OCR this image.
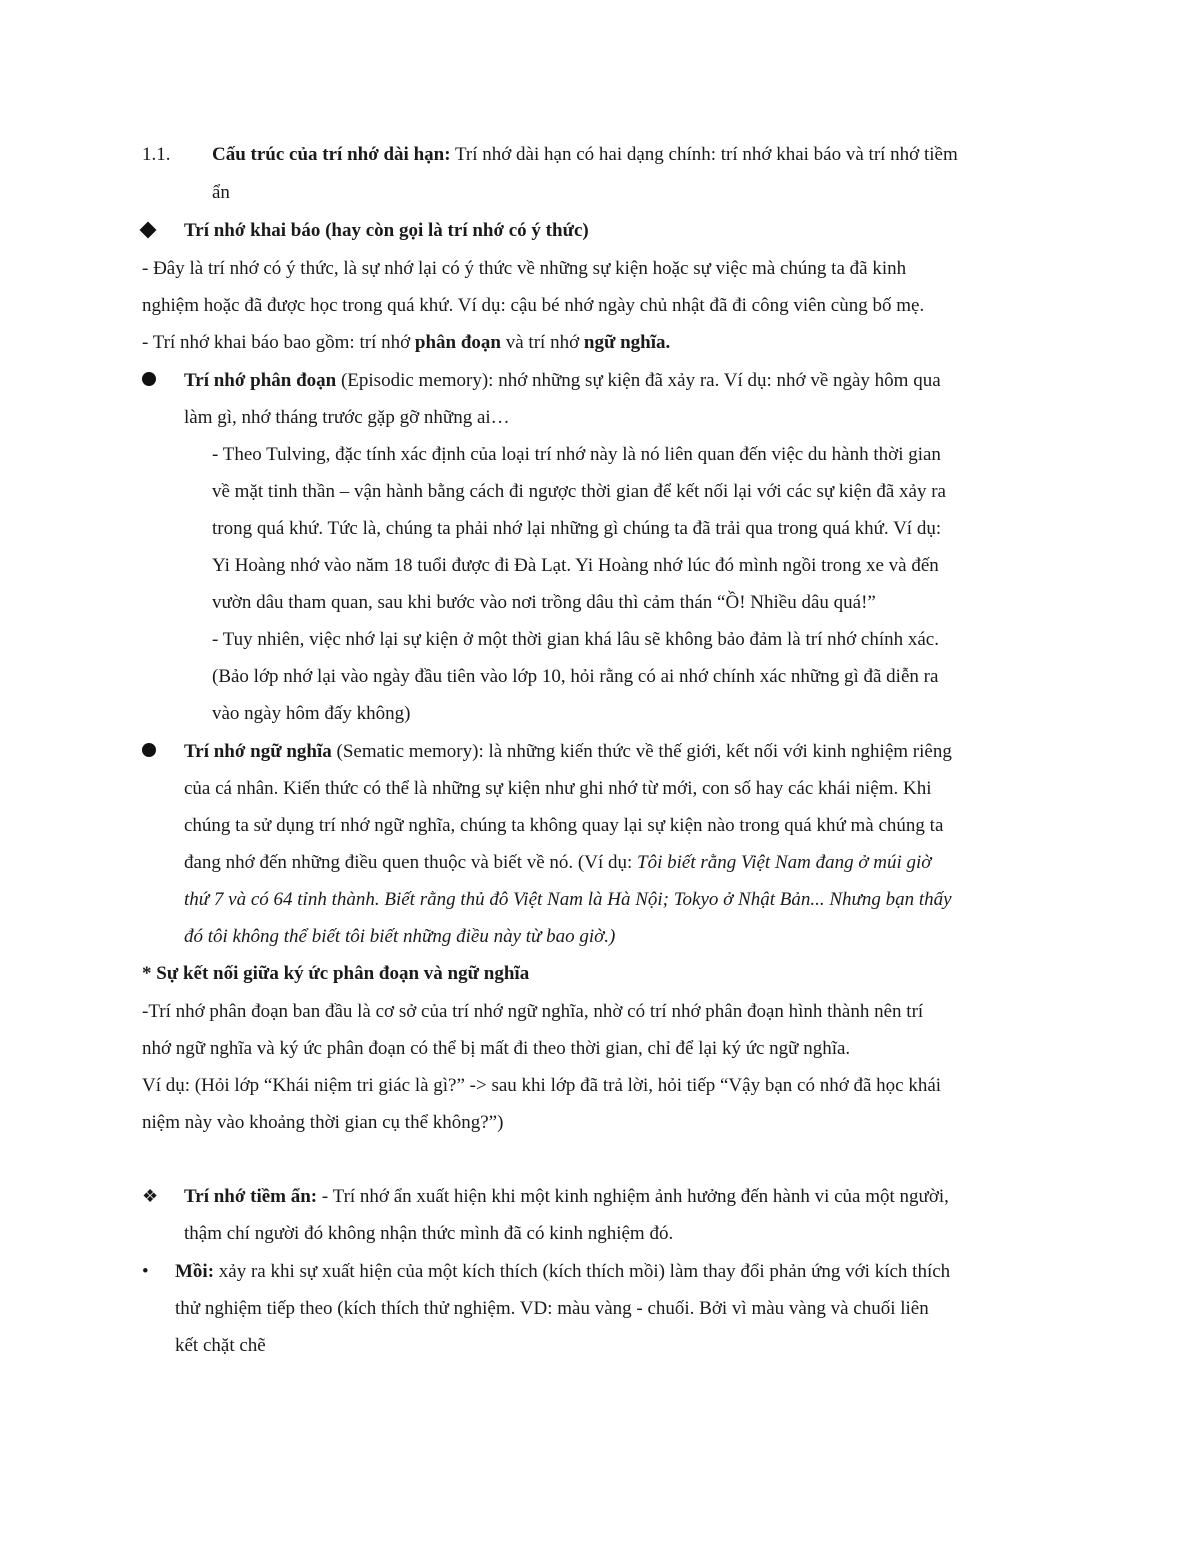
1.1. Cấu trúc của trí nhớ dài hạn: Trí nhớ dài hạn có hai dạng chính: trí nhớ khai báo và trí nhớ tiềm
ẩn
Trí nhớ khai báo (hay còn gọi là trí nhớ có ý thức)
- Đây là trí nhớ có ý thức, là sự nhớ lại có ý thức về những sự kiện hoặc sự việc mà chúng ta đã kinh
nghiệm hoặc đã được học trong quá khứ. Ví dụ: cậu bé nhớ ngày chủ nhật đã đi công viên cùng bố mẹ.
- Trí nhớ khai báo bao gồm: trí nhớ phân đoạn và trí nhớ ngữ nghĩa.
Trí nhớ phân đoạn (Episodic memory): nhớ những sự kiện đã xảy ra. Ví dụ: nhớ về ngày hôm qua
làm gì, nhớ tháng trước gặp gỡ những ai…
- Theo Tulving, đặc tính xác định của loại trí nhớ này là nó liên quan đến việc du hành thời gian
về mặt tinh thần – vận hành bằng cách đi ngược thời gian để kết nối lại với các sự kiện đã xảy ra
trong quá khứ. Tức là, chúng ta phải nhớ lại những gì chúng ta đã trải qua trong quá khứ. Ví dụ:
Yi Hoàng nhớ vào năm 18 tuổi được đi Đà Lạt. Yi Hoàng nhớ lúc đó mình ngồi trong xe và đến
vườn dâu tham quan, sau khi bước vào nơi trồng dâu thì cảm thán “Ồ! Nhiều dâu quá!”
- Tuy nhiên, việc nhớ lại sự kiện ở một thời gian khá lâu sẽ không bảo đảm là trí nhớ chính xác.
(Bảo lớp nhớ lại vào ngày đầu tiên vào lớp 10, hỏi rằng có ai nhớ chính xác những gì đã diễn ra
vào ngày hôm đấy không)
Trí nhớ ngữ nghĩa (Sematic memory): là những kiến thức về thế giới, kết nối với kinh nghiệm riêng
của cá nhân. Kiến thức có thể là những sự kiện như ghi nhớ từ mới, con số hay các khái niệm. Khi
chúng ta sử dụng trí nhớ ngữ nghĩa, chúng ta không quay lại sự kiện nào trong quá khứ mà chúng ta
đang nhớ đến những điều quen thuộc và biết về nó. (Ví dụ: Tôi biết rằng Việt Nam đang ở múi giờ
thứ 7 và có 64 tỉnh thành. Biết rằng thủ đô Việt Nam là Hà Nội; Tokyo ở Nhật Bản... Nhưng bạn thấy
đó tôi không thể biết tôi biết những điều này từ bao giờ.)
* Sự kết nối giữa ký ức phân đoạn và ngữ nghĩa
-Trí nhớ phân đoạn ban đầu là cơ sở của trí nhớ ngữ nghĩa, nhờ có trí nhớ phân đoạn hình thành nên trí
nhớ ngữ nghĩa và ký ức phân đoạn có thể bị mất đi theo thời gian, chỉ để lại ký ức ngữ nghĩa.
Ví dụ: (Hỏi lớp “Khái niệm tri giác là gì?” -> sau khi lớp đã trả lời, hỏi tiếp “Vậy bạn có nhớ đã học khái
niệm này vào khoảng thời gian cụ thể không?”)
❖	Trí nhớ tiềm ẩn: - Trí nhớ ẩn xuất hiện khi một kinh nghiệm ảnh hưởng đến hành vi của một người,
thậm chí người đó không nhận thức mình đã có kinh nghiệm đó.
•	Mồi: xảy ra khi sự xuất hiện của một kích thích (kích thích mồi) làm thay đổi phản ứng với kích thích
thử nghiệm tiếp theo (kích thích thử nghiệm. VD: màu vàng - chuối. Bởi vì màu vàng và chuối liên
kết chặt chẽ
